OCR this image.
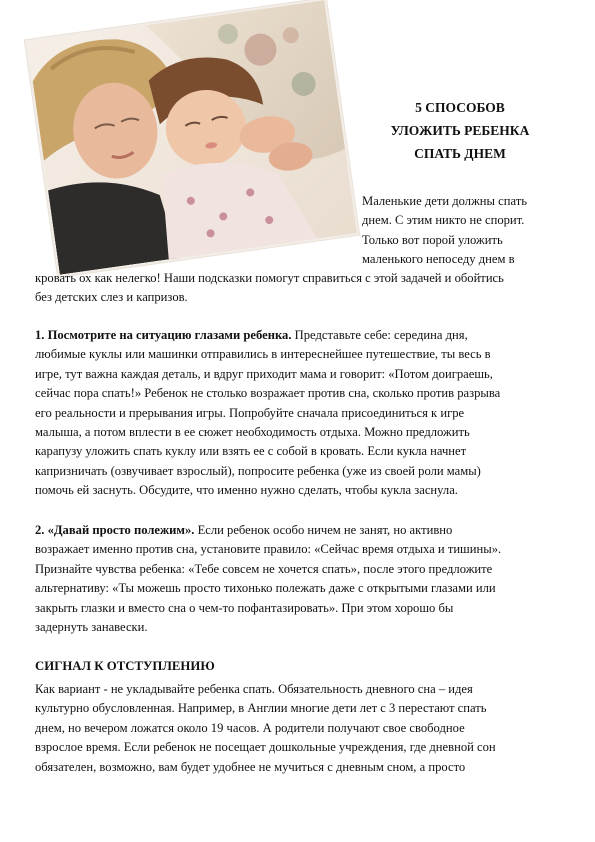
5 СПОСОБОВ
УЛОЖИТЬ РЕБЕНКА
СПАТЬ ДНЕМ
Маленькие дети должны спать
днем. С этим никто не спорит.
Только вот порой уложить
маленького непоседу днем в
кровать ох как нелегко! Наши подсказки помогут справиться с этой задачей и обойтись
без детских слез и капризов.
1. Посмотрите на ситуацию глазами ребенка. Представьте себе: середина дня,
любимые куклы или машинки отправились в интереснейшее путешествие, ты весь в
игре, тут важна каждая деталь, и вдруг приходит мама и говорит: «Потом доиграешь,
сейчас пора спать!» Ребенок не столько возражает против сна, сколько против разрыва
его реальности и прерывания игры. Попробуйте сначала присоединиться к игре
малыша, а потом вплести в ее сюжет необходимость отдыха. Можно предложить
карапузу уложить спать куклу или взять ее с собой в кровать. Если кукла начнет
капризничать (озвучивает взрослый), попросите ребенка (уже из своей роли мамы)
помочь ей заснуть. Обсудите, что именно нужно сделать, чтобы кукла заснула.
2. «Давай просто полежим». Если ребенок особо ничем не занят, но активно
возражает именно против сна, установите правило: «Сейчас время отдыха и тишины».
Признайте чувства ребенка: «Тебе совсем не хочется спать», после этого предложите
альтернативу: «Ты можешь просто тихонько полежать даже с открытыми глазами или
закрыть глазки и вместо сна о чем-то пофантазировать». При этом хорошо бы
задернуть занавески.
СИГНАЛ К ОТСТУПЛЕНИЮ
Как вариант - не укладывайте ребенка спать. Обязательность дневного сна – идея
культурно обусловленная. Например, в Англии многие дети лет с 3 перестают спать
днем, но вечером ложатся около 19 часов. А родители получают свое свободное
взрослое время. Если ребенок не посещает дошкольные учреждения, где дневной сон
обязателен, возможно, вам будет удобнее не мучиться с дневным сном, а просто
